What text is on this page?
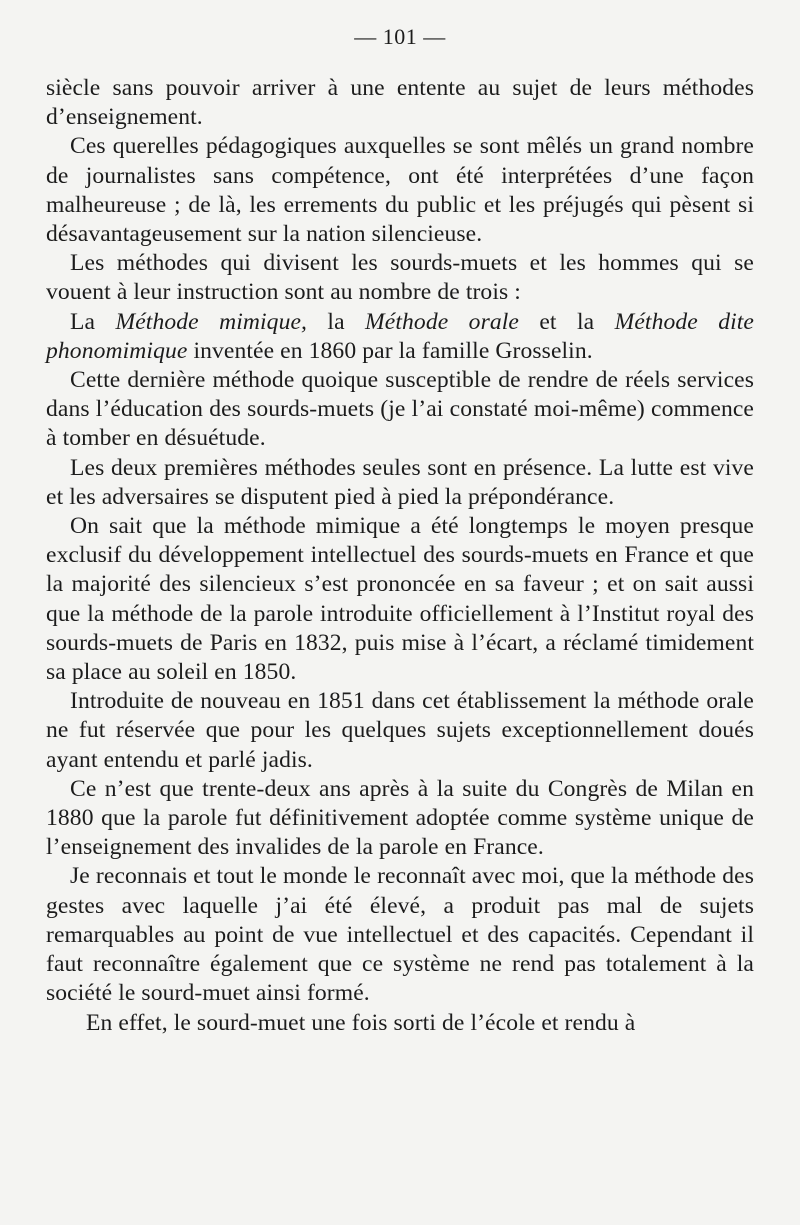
— 101 —

siècle sans pouvoir arriver à une entente au sujet de leurs méthodes d’enseignement.

Ces querelles pédagogiques auxquelles se sont mêlés un grand nombre de journalistes sans compétence, ont été interprétées d’une façon malheureuse ; de là, les errements du public et les préjugés qui pèsent si désavantageusement sur la nation silencieuse.

Les méthodes qui divisent les sourds-muets et les hommes qui se vouent à leur instruction sont au nombre de trois :

La Méthode mimique, la Méthode orale et la Méthode dite phonomimique inventée en 1860 par la famille Grosselin.

Cette dernière méthode quoique susceptible de rendre de réels services dans l’éducation des sourds-muets (je l’ai constaté moi-même) commence à tomber en désuétude.

Les deux premières méthodes seules sont en présence. La lutte est vive et les adversaires se disputent pied à pied la prépondérance.

On sait que la méthode mimique a été longtemps le moyen presque exclusif du développement intellectuel des sourds-muets en France et que la majorité des silencieux s’est prononcée en sa faveur ; et on sait aussi que la méthode de la parole introduite officiellement à l’Institut royal des sourds-muets de Paris en 1832, puis mise à l’écart, a réclamé timidement sa place au soleil en 1850.

Introduite de nouveau en 1851 dans cet établissement la méthode orale ne fut réservée que pour les quelques sujets exceptionnellement doués ayant entendu et parlé jadis.

Ce n’est que trente-deux ans après à la suite du Congrès de Milan en 1880 que la parole fut définitivement adoptée comme système unique de l’enseignement des invalides de la parole en France.

Je reconnais et tout le monde le reconnaît avec moi, que la méthode des gestes avec laquelle j’ai été élevé, a produit pas mal de sujets remarquables au point de vue intellectuel et des capacités. Cependant il faut reconnaître également que ce système ne rend pas totalement à la société le sourd-muet ainsi formé.

En effet, le sourd-muet une fois sorti de l’école et rendu à
